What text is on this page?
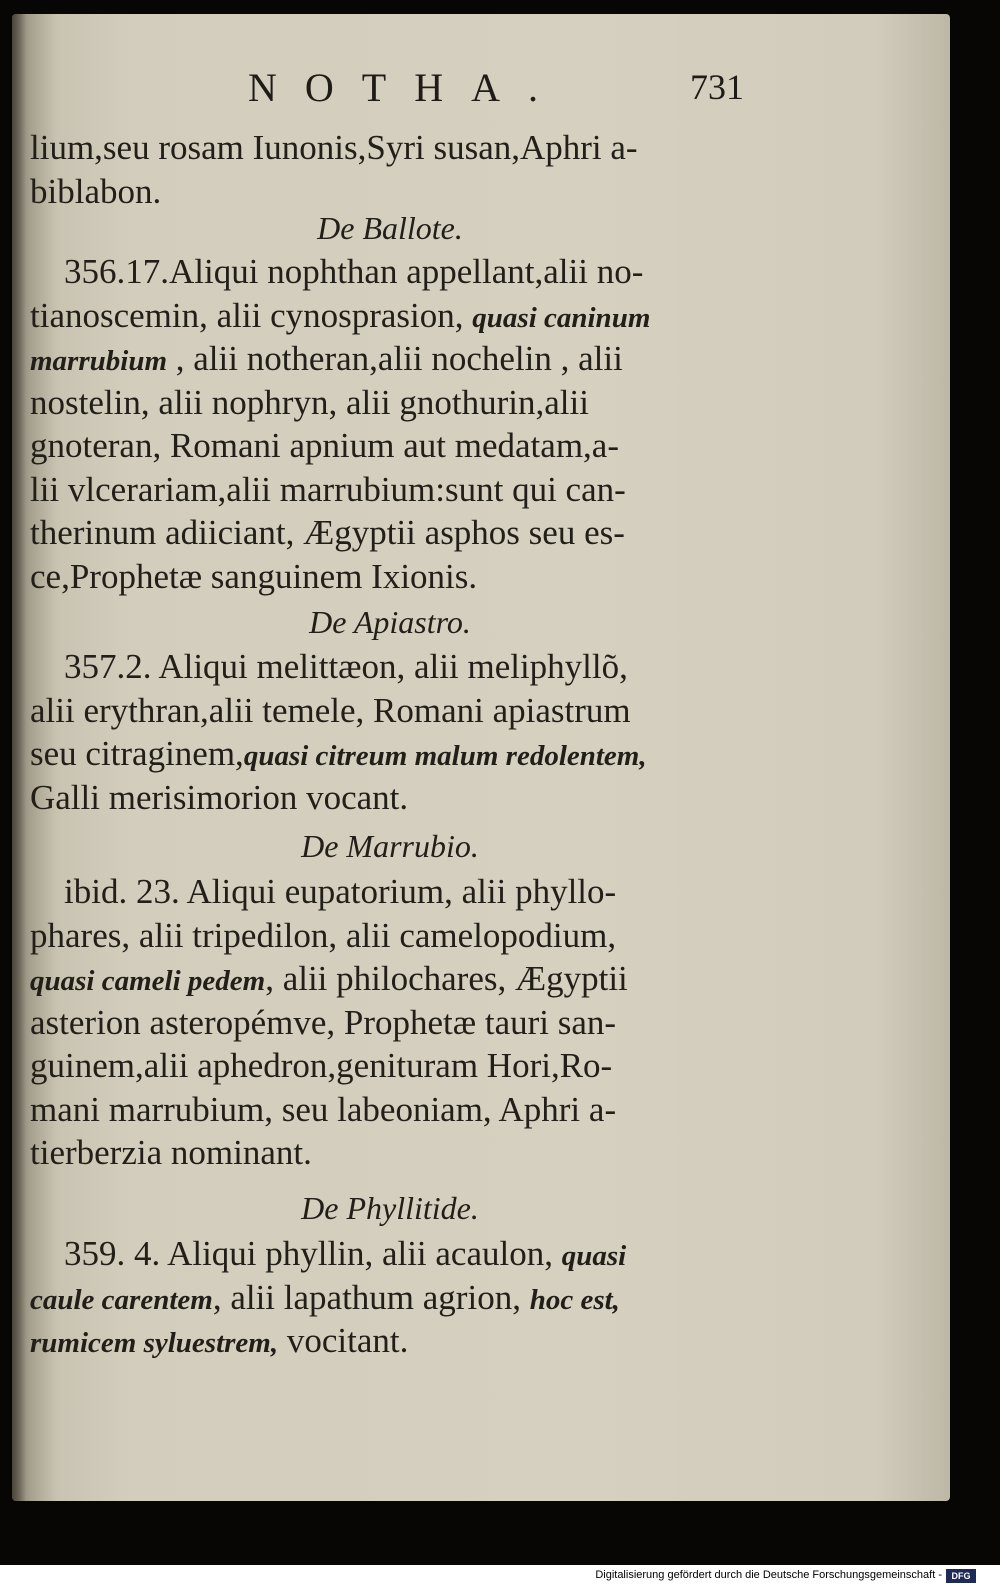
NOTHA.	731
lium,seu rosam Iunonis,Syri susan,Aphri a-
biblabon.
De Ballote.
356.17.Aliqui nophthan appellant,alii no-
tianoscemin, alii cynosprasion, quasi caninum
marrubium , alii notheran,alii nochelin , alii
nostelin, alii nophryn, alii gnothurin,alii
gnoteran, Romani apnium aut medatam,a-
lii vlcerariam,alii marrubium:sunt qui can-
therinum adiiciant, Ægyptii asphos seu es-
ce,Prophetæ sanguinem Ixionis.
De Apiastro.
357.2. Aliqui melittæon, alii meliphyllõ,
alii erythran,alii temele, Romani apiastrum
seu citraginem,quasi citreum malum redolentem,
Galli merisimorion vocant.
De Marrubio.
ibid. 23. Aliqui eupatorium, alii phyllo-
phares, alii tripedilon, alii camelopodium,
quasi cameli pedem, alii philochares, Ægyptii
asterion asteropémve, Prophetæ tauri san-
guinem,alii aphedron,genituram Hori,Ro-
mani marrubium, seu labeoniam, Aphri a-
tierberzia nominant.
De Phyllitide.
359. 4. Aliqui phyllin, alii acaulon, quasi
caule carentem, alii lapathum agrion, hoc est,
rumicem syluestrem, vocitant.
Digitalisierung gefördert durch die Deutsche Forschungsgemeinschaft -	DFG
